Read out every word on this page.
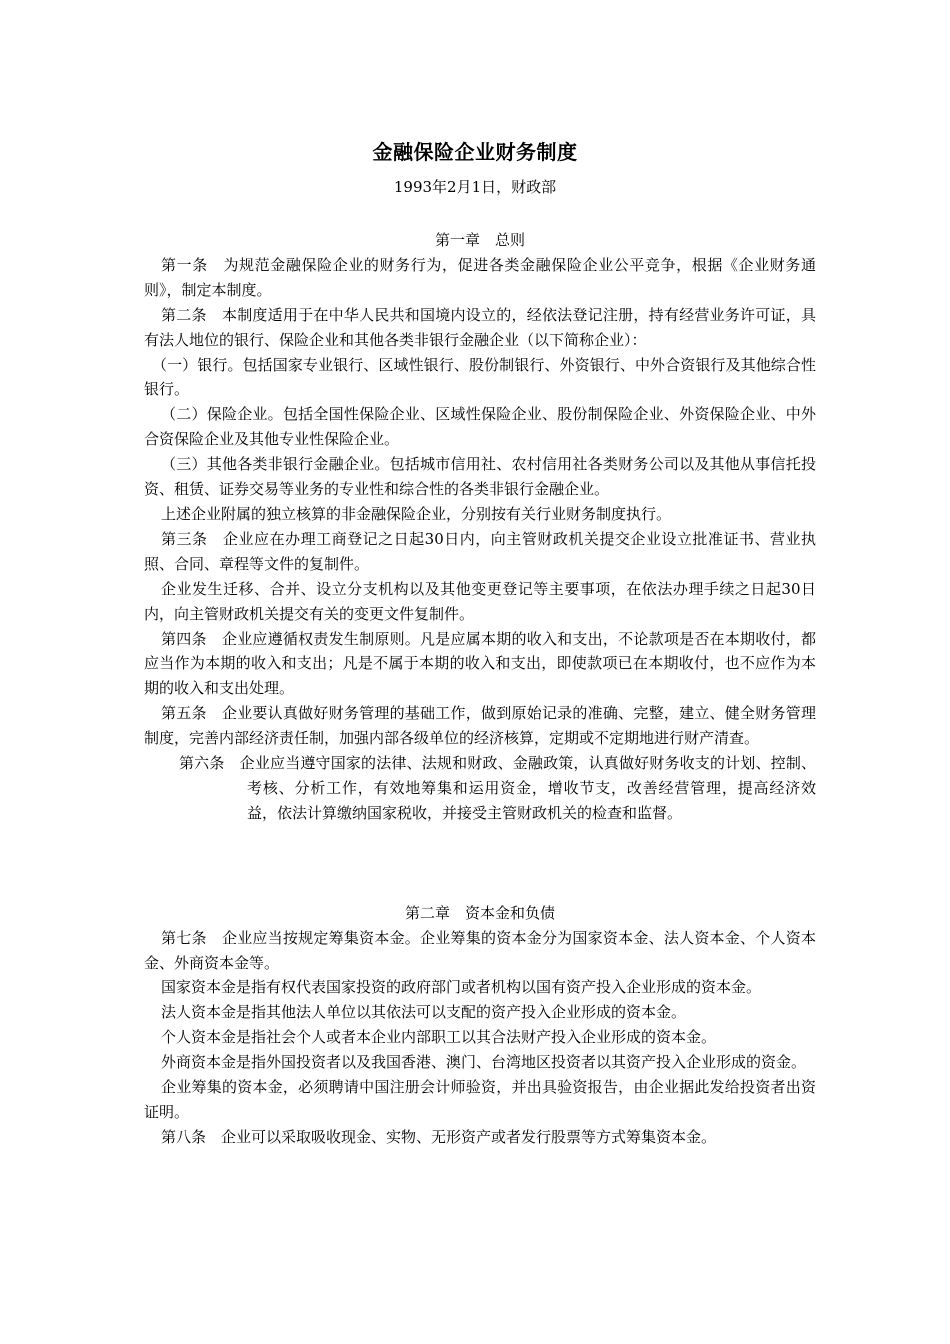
金融保险企业财务制度
1993年2月1日，财政部

第一章　总则

第一条　为规范金融保险企业的财务行为，促进各类金融保险企业公平竞争，根据《企业财务通则》，制定本制度。

第二条　本制度适用于在中华人民共和国境内设立的，经依法登记注册，持有经营业务许可证，具有法人地位的银行、保险企业和其他各类非银行金融企业（以下简称企业）：

（一）银行。包括国家专业银行、区域性银行、股份制银行、外资银行、中外合资银行及其他综合性银行。

（二）保险企业。包括全国性保险企业、区域性保险企业、股份制保险企业、外资保险企业、中外合资保险企业及其他专业性保险企业。

（三）其他各类非银行金融企业。包括城市信用社、农村信用社各类财务公司以及其他从事信托投资、租赁、证券交易等业务的专业性和综合性的各类非银行金融企业。

上述企业附属的独立核算的非金融保险企业，分别按有关行业财务制度执行。

第三条　企业应在办理工商登记之日起30日内，向主管财政机关提交企业设立批准证书、营业执照、合同、章程等文件的复制件。

企业发生迁移、合并、设立分支机构以及其他变更登记等主要事项，在依法办理手续之日起30日内，向主管财政机关提交有关的变更文件复制件。

第四条　企业应遵循权责发生制原则。凡是应属本期的收入和支出，不论款项是否在本期收付，都应当作为本期的收入和支出；凡是不属于本期的收入和支出，即使款项已在本期收付，也不应作为本期的收入和支出处理。

第五条　企业要认真做好财务管理的基础工作，做到原始记录的准确、完整，建立、健全财务管理制度，完善内部经济责任制，加强内部各级单位的经济核算，定期或不定期地进行财产清查。

第六条　企业应当遵守国家的法律、法规和财政、金融政策，认真做好财务收支的计划、控制、考核、分析工作，有效地筹集和运用资金，增收节支，改善经营管理，提高经济效益，依法计算缴纳国家税收，并接受主管财政机关的检查和监督。

第二章　资本金和负债

第七条　企业应当按规定筹集资本金。企业筹集的资本金分为国家资本金、法人资本金、个人资本金、外商资本金等。

国家资本金是指有权代表国家投资的政府部门或者机构以国有资产投入企业形成的资本金。

法人资本金是指其他法人单位以其依法可以支配的资产投入企业形成的资本金。

个人资本金是指社会个人或者本企业内部职工以其合法财产投入企业形成的资本金。

外商资本金是指外国投资者以及我国香港、澳门、台湾地区投资者以其资产投入企业形成的资金。

企业筹集的资本金，必须聘请中国注册会计师验资，并出具验资报告，由企业据此发给投资者出资证明。

第八条　企业可以采取吸收现金、实物、无形资产或者发行股票等方式筹集资本金。
